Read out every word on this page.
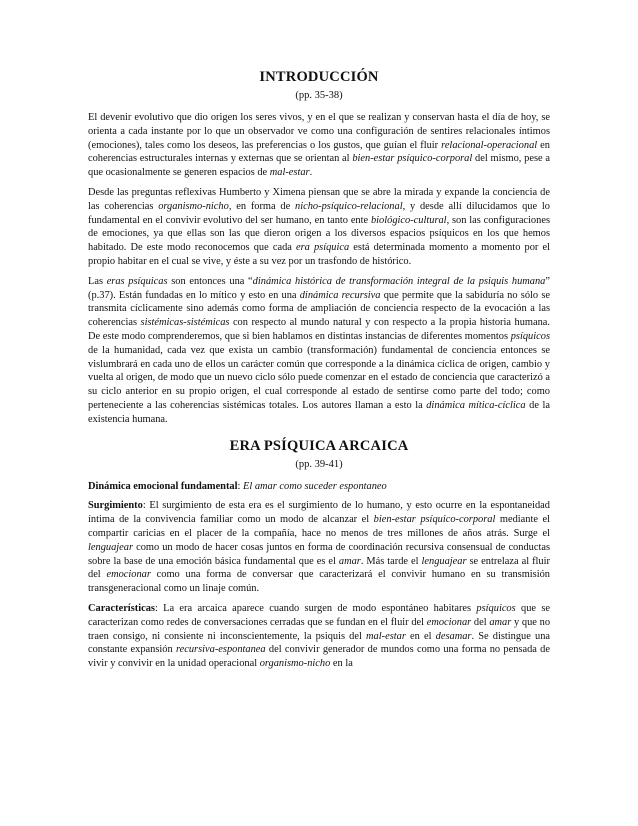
INTRODUCCIÓN
(pp. 35-38)

El devenir evolutivo que dio origen los seres vivos, y en el que se realizan y conservan hasta el día de hoy, se orienta a cada instante por lo que un observador ve como una configuración de sentires relacionales íntimos (emociones), tales como los deseos, las preferencias o los gustos, que guían el fluir relacional-operacional en coherencias estructurales internas y externas que se orientan al bien-estar psíquico-corporal del mismo, pese a que ocasionalmente se generen espacios de mal-estar.

Desde las preguntas reflexivas Humberto y Ximena piensan que se abre la mirada y expande la conciencia de las coherencias organismo-nicho, en forma de nicho-psíquico-relacional, y desde allí dilucidamos que lo fundamental en el convivir evolutivo del ser humano, en tanto ente biológico-cultural, son las configuraciones de emociones, ya que ellas son las que dieron origen a los diversos espacios psíquicos en los que hemos habitado. De este modo reconocemos que cada era psíquica está determinada momento a momento por el propio habitar en el cual se vive, y éste a su vez por un trasfondo de histórico.

Las eras psíquicas son entonces una “dinámica histórica de transformación integral de la psiquis humana” (p.37). Están fundadas en lo mítico y esto en una dinámica recursiva que permite que la sabiduría no sólo se transmita cíclicamente sino además como forma de ampliación de conciencia respecto de la evocación a las coherencias sistémicas-sistémicas con respecto al mundo natural y con respecto a la propia historia humana. De este modo comprenderemos, que si bien hablamos en distintas instancias de diferentes momentos psíquicos de la humanidad, cada vez que exista un cambio (transformación) fundamental de conciencia entonces se vislumbrará en cada uno de ellos un carácter común que corresponde a la dinámica cíclica de origen, cambio y vuelta al origen, de modo que un nuevo ciclo sólo puede comenzar en el estado de conciencia que caracterizó a su ciclo anterior en su propio origen, el cual corresponde al estado de sentirse como parte del todo; como perteneciente a las coherencias sistémicas totales. Los autores llaman a esto la dinámica mítica-cíclica de la existencia humana.

ERA PSÍQUICA ARCAICA
(pp. 39-41)

Dinámica emocional fundamental: El amar como suceder espontaneo

Surgimiento: El surgimiento de esta era es el surgimiento de lo humano, y esto ocurre en la espontaneidad íntima de la convivencia familiar como un modo de alcanzar el bien-estar psíquico-corporal mediante el compartir caricias en el placer de la compañía, hace no menos de tres millones de años atrás. Surge el lenguajear como un modo de hacer cosas juntos en forma de coordinación recursiva consensual de conductas sobre la base de una emoción básica fundamental que es el amar. Más tarde el lenguajear se entrelaza al fluir del emocionar como una forma de conversar que caracterizará el convivir humano en su transmisión transgeneracional como un linaje común.

Características: La era arcaica aparece cuando surgen de modo espontáneo habitares psíquicos que se caracterizan como redes de conversaciones cerradas que se fundan en el fluir del emocionar del amar y que no traen consigo, ni consiente ni inconscientemente, la psiquis del mal-estar en el desamar. Se distingue una constante expansión recursiva-espontanea del convivir generador de mundos como una forma no pensada de vivir y convivir en la unidad operacional organismo-nicho en la
